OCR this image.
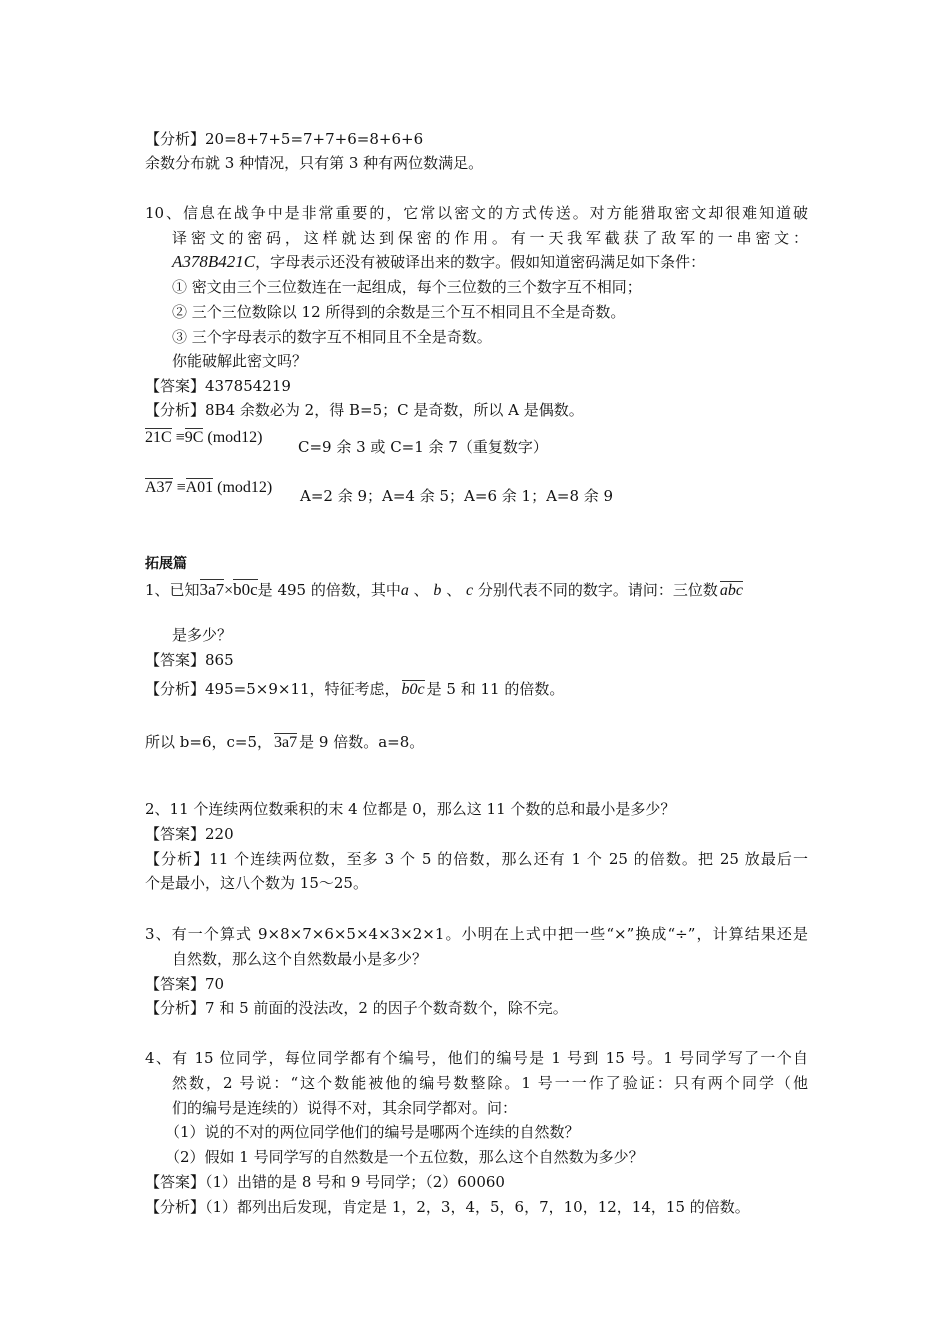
【分析】20=8+7+5=7+7+6=8+6+6
余数分布就 3 种情况，只有第 3 种有两位数满足。
10、信息在战争中是非常重要的，它常以密文的方式传送。对方能猎取密文却很难知道破
译密文的密码，这样就达到保密的作用。有一天我军截获了敌军的一串密文：
A378B421C，字母表示还没有被破译出来的数字。假如知道密码满足如下条件：
① 密文由三个三位数连在一起组成，每个三位数的三个数字互不相同；
② 三个三位数除以 12 所得到的余数是三个互不相同且不全是奇数。
③ 三个字母表示的数字互不相同且不全是奇数。
你能破解此密文吗？
【答案】437854219
【分析】8B4 余数必为 2，得 B=5；C 是奇数，所以 A 是偶数。
21C ≡9C (mod12)
C=9 余 3 或 C=1 余 7（重复数字）
A37 ≡A01 (mod12) A=2 余 9；A=4 余 5；A=6 余 1；A=8 余 9
拓展篇
1、已知3a7×b0c是 495 的倍数，其中a 、 b 、 c 分别代表不同的数字。请问：三位数 abc
是多少？
【答案】865
【分析】495=5×9×11，特征考虑， b0c 是 5 和 11 的倍数。
所以 b=6，c=5， 3a7 是 9 倍数。a=8。
2、11 个连续两位数乘积的末 4 位都是 0，那么这 11 个数的总和最小是多少？
【答案】220
【分析】11 个连续两位数，至多 3 个 5 的倍数，那么还有 1 个 25 的倍数。把 25 放最后一
个是最小，这八个数为 15～25。
3、有一个算式 9×8×7×6×5×4×3×2×1。小明在上式中把一些“×”换成“÷”，计算结果还是
自然数，那么这个自然数最小是多少？
【答案】70
【分析】7 和 5 前面的没法改，2 的因子个数奇数个，除不完。
4、有 15 位同学，每位同学都有个编号，他们的编号是 1 号到 15 号。1 号同学写了一个自
然数，2 号说：“这个数能被他的编号数整除。1 号一一作了验证：只有两个同学（他
们的编号是连续的）说得不对，其余同学都对。问：
（1）说的不对的两位同学他们的编号是哪两个连续的自然数？
（2）假如 1 号同学写的自然数是一个五位数，那么这个自然数为多少？
【答案】（1）出错的是 8 号和 9 号同学；（2）60060
【分析】（1）都列出后发现，肯定是 1，2，3，4，5，6，7，10，12，14，15 的倍数。
